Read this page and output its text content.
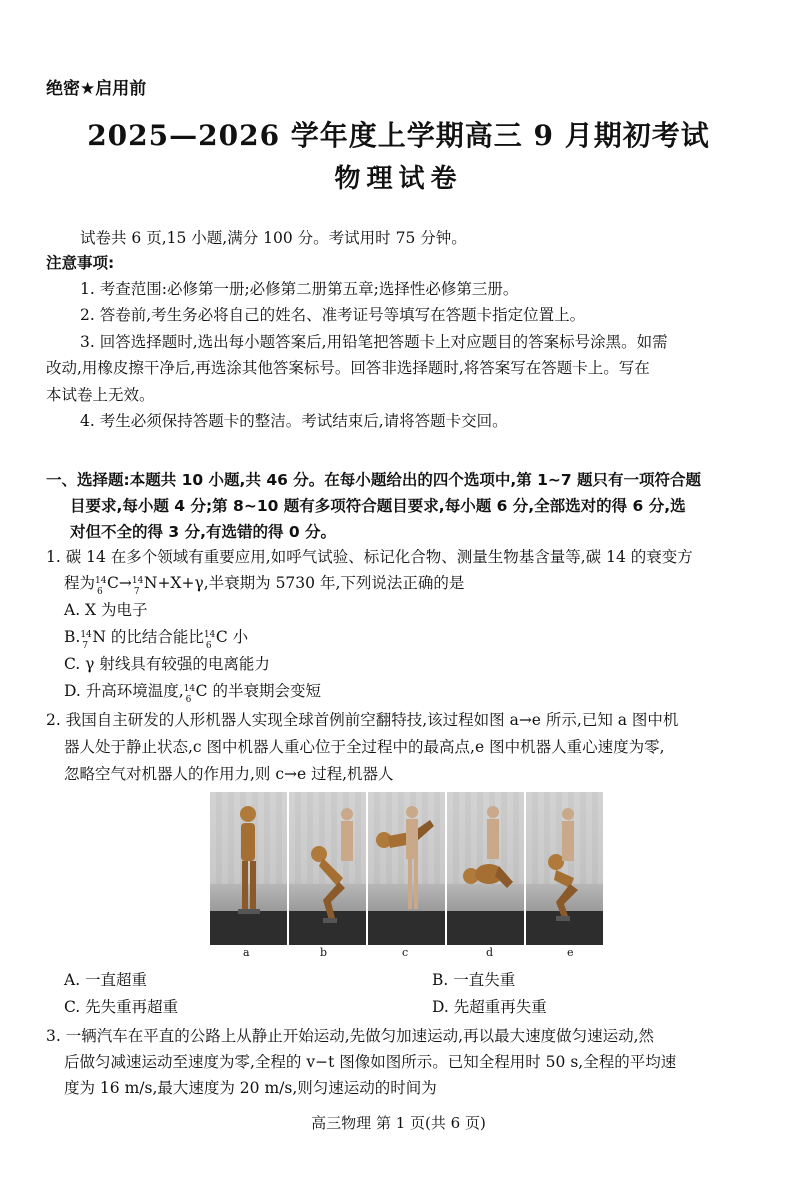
绝密★启用前
2025—2026 学年度上学期高三 9 月期初考试
物理试卷
试卷共 6 页,15 小题,满分 100 分。考试用时 75 分钟。
注意事项:
1. 考查范围:必修第一册;必修第二册第五章;选择性必修第三册。
2. 答卷前,考生务必将自己的姓名、准考证号等填写在答题卡指定位置上。
3. 回答选择题时,选出每小题答案后,用铅笔把答题卡上对应题目的答案标号涂黑。如需
改动,用橡皮擦干净后,再选涂其他答案标号。回答非选择题时,将答案写在答题卡上。写在
本试卷上无效。
4. 考生必须保持答题卡的整洁。考试结束后,请将答题卡交回。
一、选择题:本题共 10 小题,共 46 分。在每小题给出的四个选项中,第 1~7 题只有一项符合题
目要求,每小题 4 分;第 8~10 题有多项符合题目要求,每小题 6 分,全部选对的得 6 分,选
对但不全的得 3 分,有选错的得 0 分。
1. 碳 14 在多个领域有重要应用,如呼气试验、标记化合物、测量生物基含量等,碳 14 的衰变方
程为 14
6 C→ 14
7 N+X+γ,半衰期为 5730 年,下列说法正确的是
A. X 为电子
B. 14
7 N 的比结合能比 14
6 C 小
C. γ 射线具有较强的电离能力
D. 升高环境温度, 14
6 C 的半衰期会变短
2. 我国自主研发的人形机器人实现全球首例前空翻特技,该过程如图 a→e 所示,已知 a 图中机
器人处于静止状态,c 图中机器人重心位于全过程中的最高点,e 图中机器人重心速度为零,
忽略空气对机器人的作用力,则 c→e 过程,机器人
a	b	c	d	e
A. 一直超重	B. 一直失重
C. 先失重再超重	D. 先超重再失重
3. 一辆汽车在平直的公路上从静止开始运动,先做匀加速运动,再以最大速度做匀速运动,然
后做匀减速运动至速度为零,全程的 v−t 图像如图所示。已知全程用时 50 s,全程的平均速
度为 16 m/s,最大速度为 20 m/s,则匀速运动的时间为
高三物理 第 1 页(共 6 页)
